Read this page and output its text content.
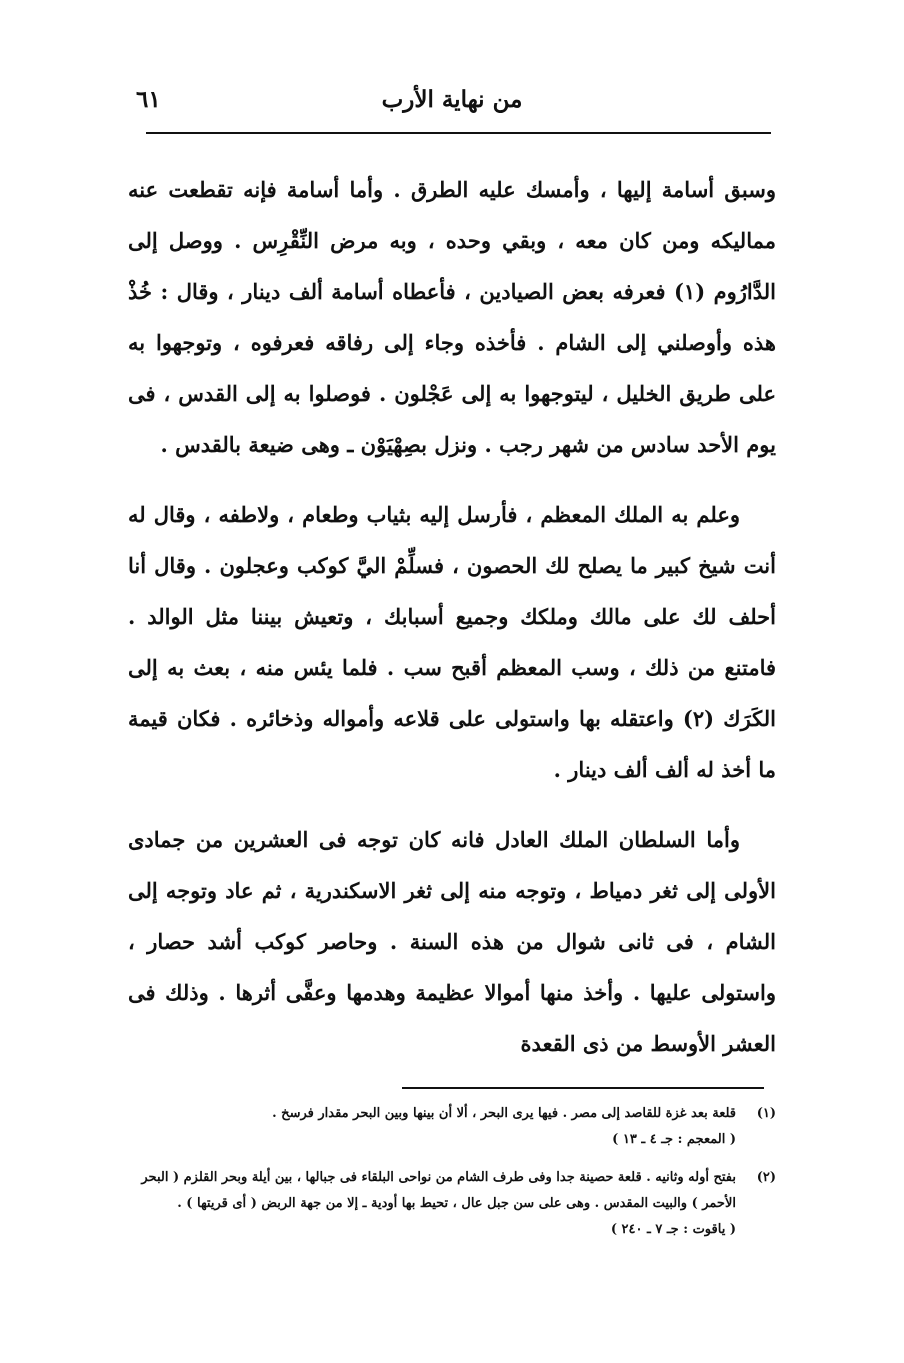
من نهاية الأرب
٦١

وسبق أسامة إليها ، وأمسك عليه الطرق . وأما أسامة فإنه تقطعت عنه مماليكه ومن كان معه ، وبقي وحده ، وبه مرض النِّقْرِس . ووصل إلى الدَّارُوم (١) فعرفه بعض الصيادين ، فأعطاه أسامة ألف دينار ، وقال : خُذْ هذه وأوصلني إلى الشام . فأخذه وجاء إلى رفاقه فعرفوه ، وتوجهوا به على طريق الخليل ، ليتوجهوا به إلى عَجْلون . فوصلوا به إلى القدس ، فى يوم الأحد سادس من شهر رجب . ونزل بصِهْيَوْن ـ وهى ضيعة بالقدس .

وعلم به الملك المعظم ، فأرسل إليه بثياب وطعام ، ولاطفه ، وقال له أنت شيخ كبير ما يصلح لك الحصون ، فسلِّمْ اليَّ كوكب وعجلون . وقال أنا أحلف لك على مالك وملكك وجميع أسبابك ، وتعيش بيننا مثل الوالد . فامتنع من ذلك ، وسب المعظم أقبح سب . فلما يئس منه ، بعث به إلى الكَرَك (٢) واعتقله بها واستولى على قلاعه وأمواله وذخائره . فكان قيمة ما أخذ له ألف ألف دينار .

وأما السلطان الملك العادل فانه كان توجه فى العشرين من جمادى الأولى إلى ثغر دمياط ، وتوجه منه إلى ثغر الاسكندرية ، ثم عاد وتوجه إلى الشام ، فى ثانى شوال من هذه السنة . وحاصر كوكب أشد حصار ، واستولى عليها . وأخذ منها أموالا عظيمة وهدمها وعفَّى أثرها . وذلك فى العشر الأوسط من ذى القعدة

(١)
قلعة بعد غزة للقاصد إلى مصر . فيها يرى البحر ، ألا أن بينها وبين البحر مقدار فرسخ .
( المعجم : جـ ٤ ـ ١٣ )
(٢)
بفتح أوله وثانيه . قلعة حصينة جدا وفى طرف الشام من نواحى البلقاء فى جبالها ، بين أيلة وبحر القلزم ( البحر
الأحمر ) والبيت المقدس . وهى على سن جبل عال ، تحيط بها أودية ـ إلا من جهة الربض ( أى قريتها ) .
( ياقوت : جـ ٧ ـ ٢٤٠ )
